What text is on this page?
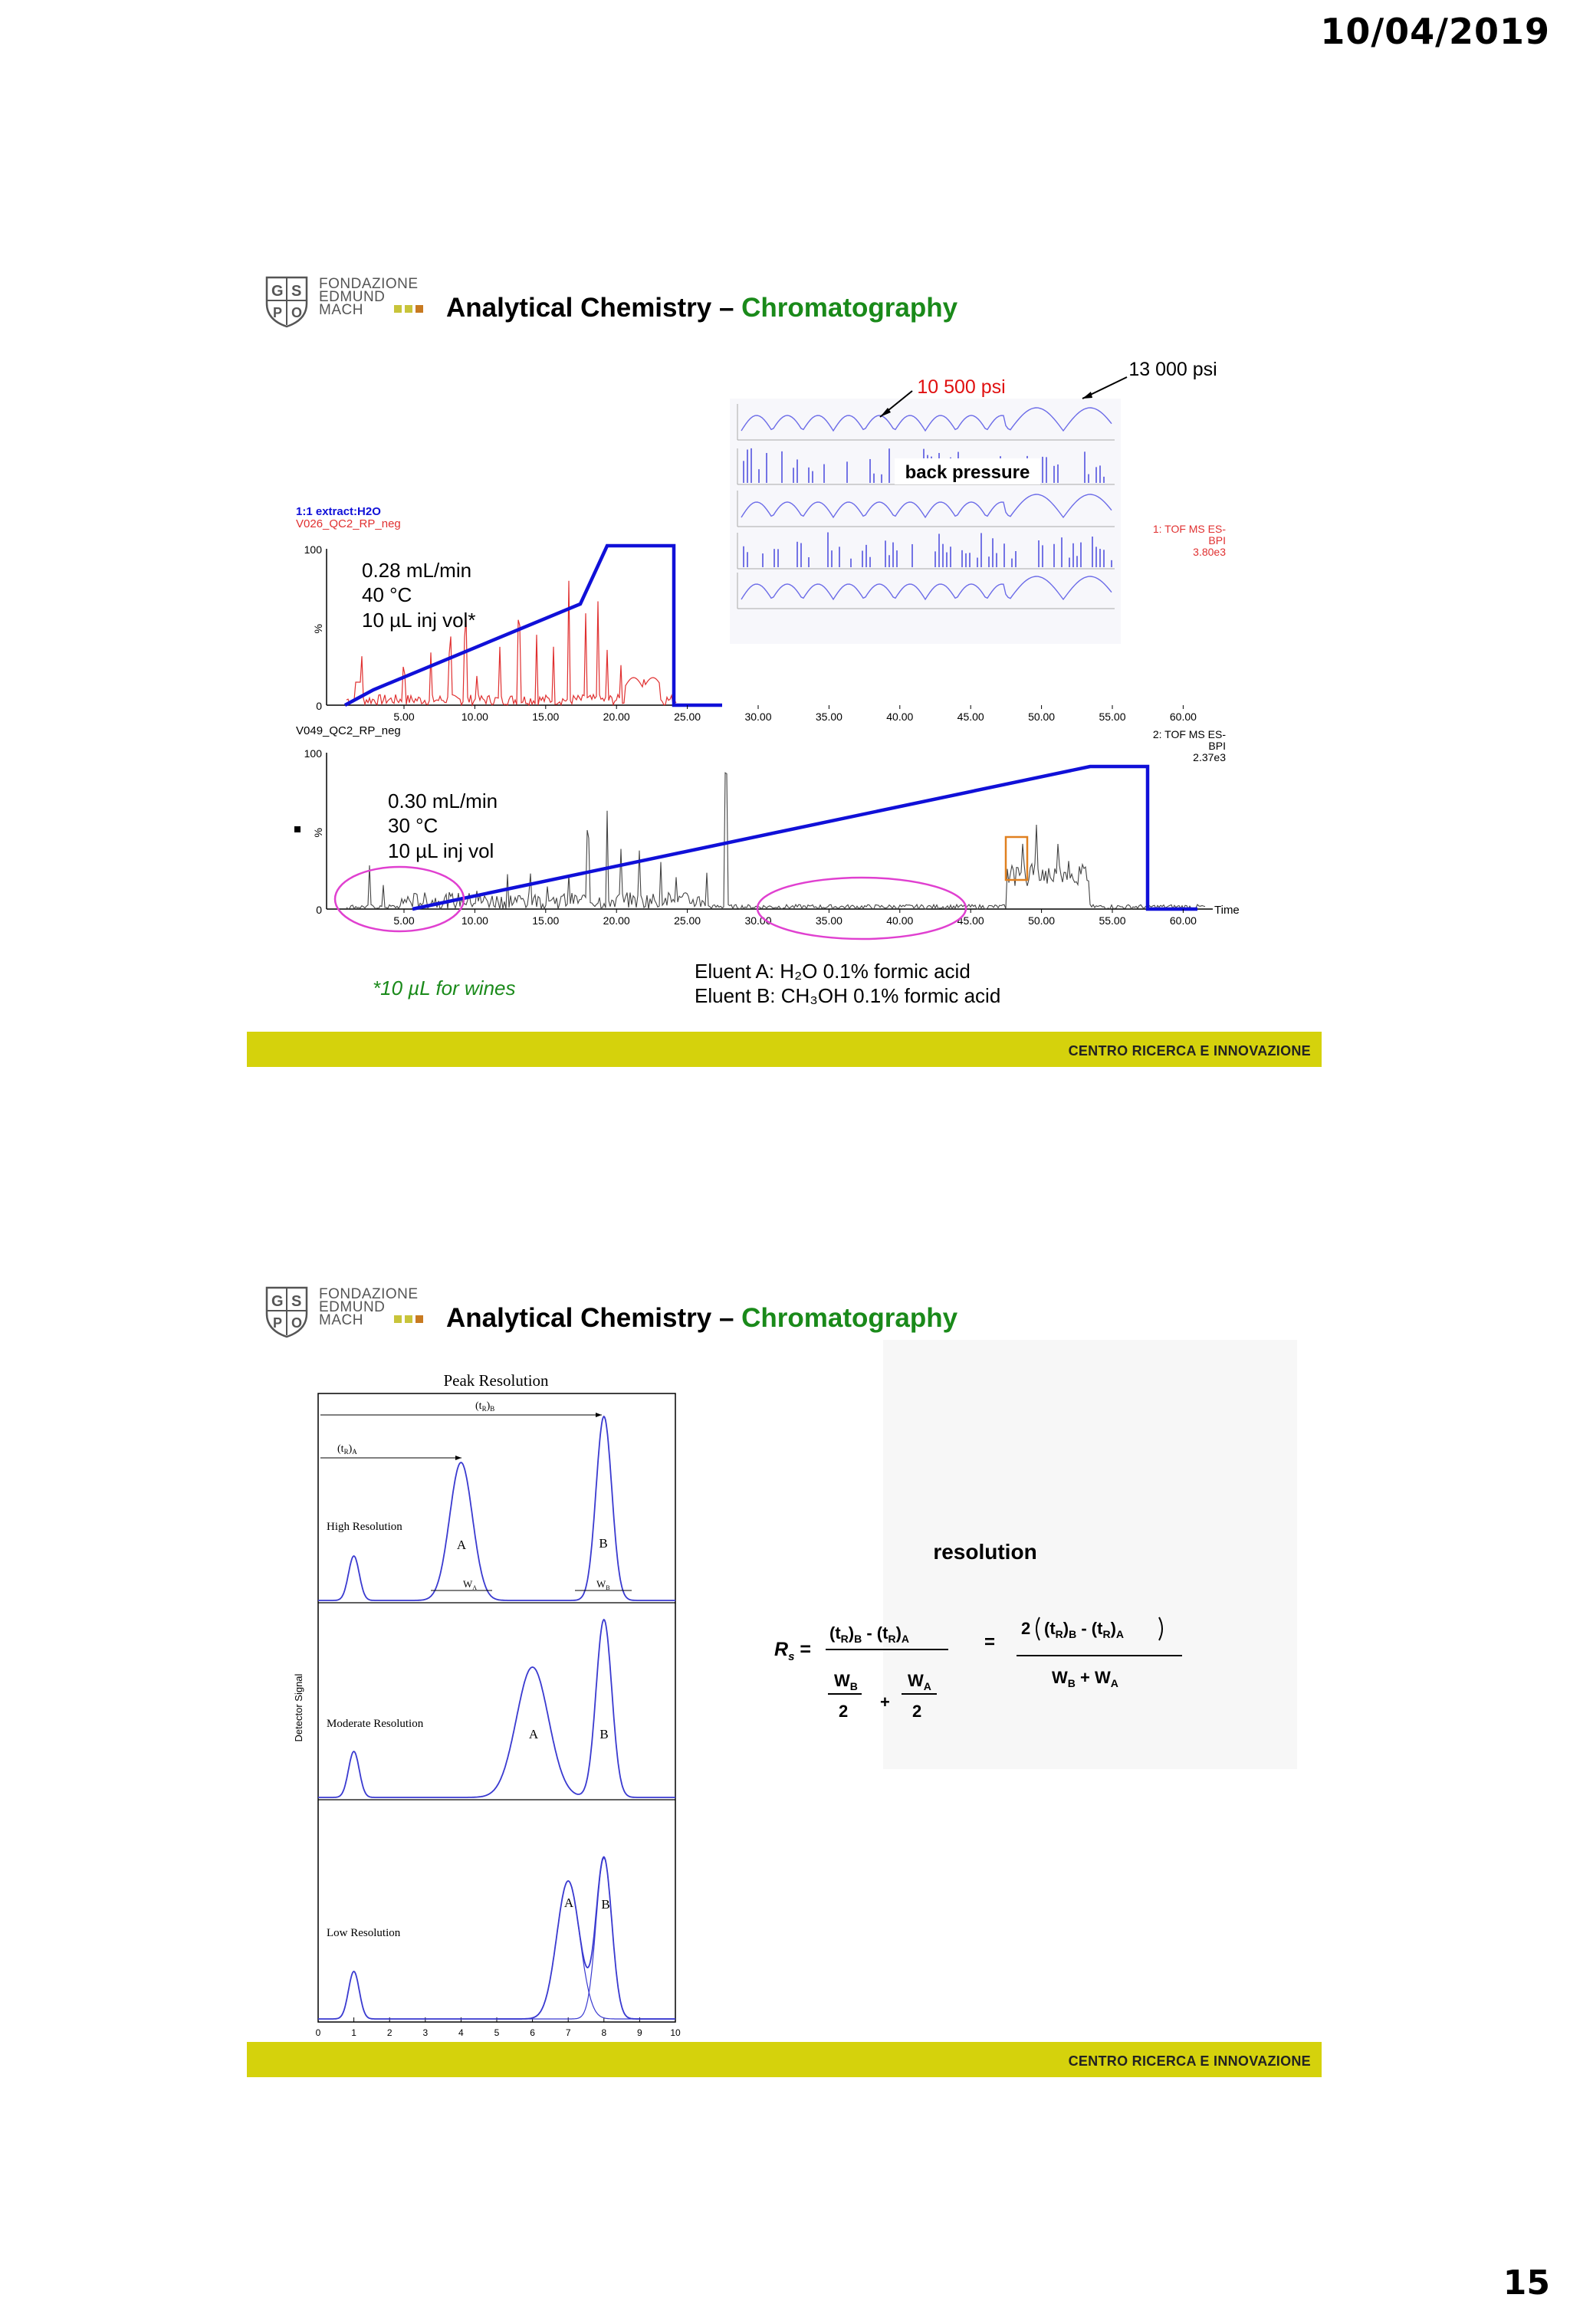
10/04/2019
G S
P O
FONDAZIONE
EDMUND
MACH	Analytical Chemistry – Chromatography
back pressure
10 500 psi
13 000 psi
1:1 extract:H2O
V026_QC2_RP_neg	1: TOF MS ES-
BPI
3.80e3
100
0
%
5.00	10.00	15.00	20.00	25.00	30.00	35.00	40.00	45.00	50.00	55.00	60.00
0.28 mL/min
40 °C
10 µL inj vol*
V049_QC2_RP_neg	2: TOF MS ES-
BPI
2.37e3
100
0
%
5.00	10.00	15.00	20.00	25.00	30.00	35.00	40.00	45.00	50.00	55.00	60.00
Time
0.30 mL/min
30 °C
10 µL inj vol
*10 µL for wines
Eluent A: H₂O 0.1% formic acid
Eluent B: CH₃OH 0.1% formic acid
CENTRO RICERCA E INNOVAZIONE
G S
P O
FONDAZIONE
EDMUND
MACH	Analytical Chemistry – Chromatography
Peak Resolution
Detector Signal
0	1	2	3	4	5	6	7	8	9	10
High Resolution
Moderate Resolution
Low Resolution
A	B
A	B
A B
$(t_R)_B$
$(t_R)_A$
$W_A$	$W_B$
resolution
$R_s$ =
$(t_R)_B - (t_R)_A$
$W_B$
2 +
$W_A$
2
=
2 $(t_R)_B - (t_R)_A$
$W_B + W_A$
CENTRO RICERCA E INNOVAZIONE
15
